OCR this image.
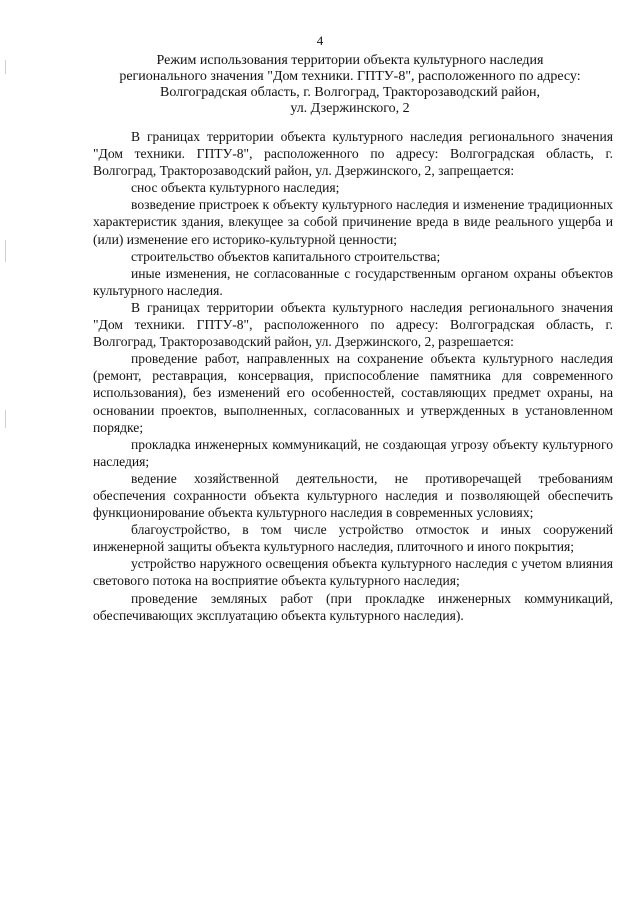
4
Режим использования территории объекта культурного наследия
регионального значения "Дом техники. ГПТУ-8", расположенного по адресу:
Волгоградская область, г. Волгоград, Тракторозаводский район,
ул. Дзержинского, 2

В границах территории объекта культурного наследия регионального значения "Дом техники. ГПТУ-8", расположенного по адресу: Волгоградская область, г. Волгоград, Тракторозаводский район, ул. Дзержинского, 2, запрещается:

снос объекта культурного наследия;

возведение пристроек к объекту культурного наследия и изменение традиционных характеристик здания, влекущее за собой причинение вреда в виде реального ущерба и (или) изменение его историко-культурной ценности;

строительство объектов капитального строительства;

иные изменения, не согласованные с государственным органом охраны объектов культурного наследия.

В границах территории объекта культурного наследия регионального значения "Дом техники. ГПТУ-8", расположенного по адресу: Волгоградская область, г. Волгоград, Тракторозаводский район, ул. Дзержинского, 2, разрешается:

проведение работ, направленных на сохранение объекта культурного наследия (ремонт, реставрация, консервация, приспособление памятника для современного использования), без изменений его особенностей, составляющих предмет охраны, на основании проектов, выполненных, согласованных и утвержденных в установленном порядке;

прокладка инженерных коммуникаций, не создающая угрозу объекту культурного наследия;

ведение хозяйственной деятельности, не противоречащей требованиям обеспечения сохранности объекта культурного наследия и позволяющей обеспечить функционирование объекта культурного наследия в современных условиях;

благоустройство, в том числе устройство отмосток и иных сооружений инженерной защиты объекта культурного наследия, плиточного и иного покрытия;

устройство наружного освещения объекта культурного наследия с учетом влияния светового потока на восприятие объекта культурного наследия;

проведение земляных работ (при прокладке инженерных коммуникаций, обеспечивающих эксплуатацию объекта культурного наследия).
